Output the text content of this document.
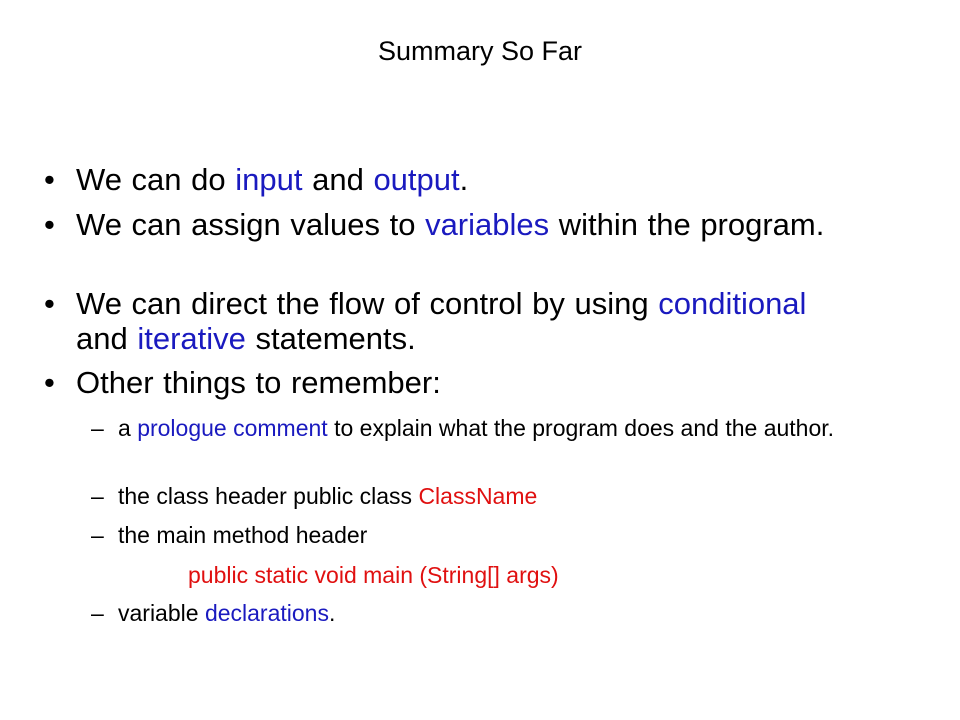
Summary So Far
• We can do input and output.
• We can assign values to variables within the program.
• We can direct the flow of control by using conditional and iterative statements.
• Other things to remember:
– a prologue comment to explain what the program does and the author.
– the class header public class ClassName
– the main method header
public static void main (String[] args)
– variable declarations.
